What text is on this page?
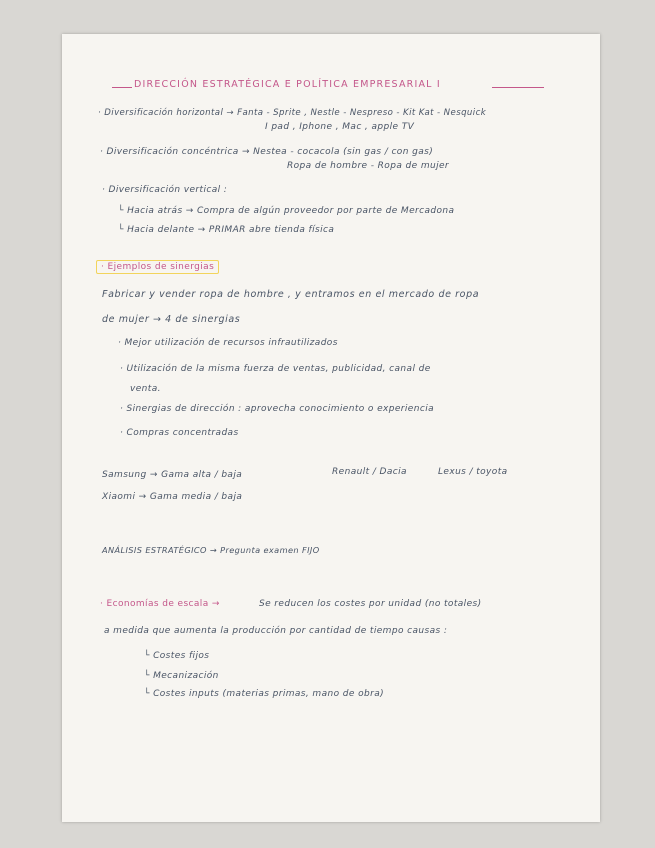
DIRECCIÓN ESTRATÉGICA E POLÍTICA EMPRESARIAL I
· Diversificación horizontal → Fanta - Sprite , Nestle - Nespreso - Kit Kat - Nesquick
I pad , Iphone , Mac , apple TV
· Diversificación concéntrica → Nestea - cocacola (sin gas / con gas)
Ropa de hombre - Ropa de mujer
· Diversificación vertical :
└ Hacia atrás → Compra de algún proveedor por parte de Mercadona
└ Hacia delante → PRIMAR abre tienda física
· Ejemplos de sinergias
Fabricar y vender ropa de hombre , y entramos en el mercado de ropa
de mujer → 4 de sinergias
· Mejor utilización de recursos infrautilizados
· Utilización de la misma fuerza de ventas, publicidad, canal de
venta.
· Sinergias de dirección : aprovecha conocimiento o experiencia
· Compras concentradas
Samsung → Gama alta / baja	Renault / Dacia	Lexus / toyota
Xiaomi → Gama media / baja
ANÁLISIS ESTRATÉGICO → Pregunta examen FIJO
· Economías de escala →	Se reducen los costes por unidad (no totales)
a medida que aumenta la producción por cantidad de tiempo causas :
└ Costes fijos
└ Mecanización
└ Costes inputs (materias primas, mano de obra)
